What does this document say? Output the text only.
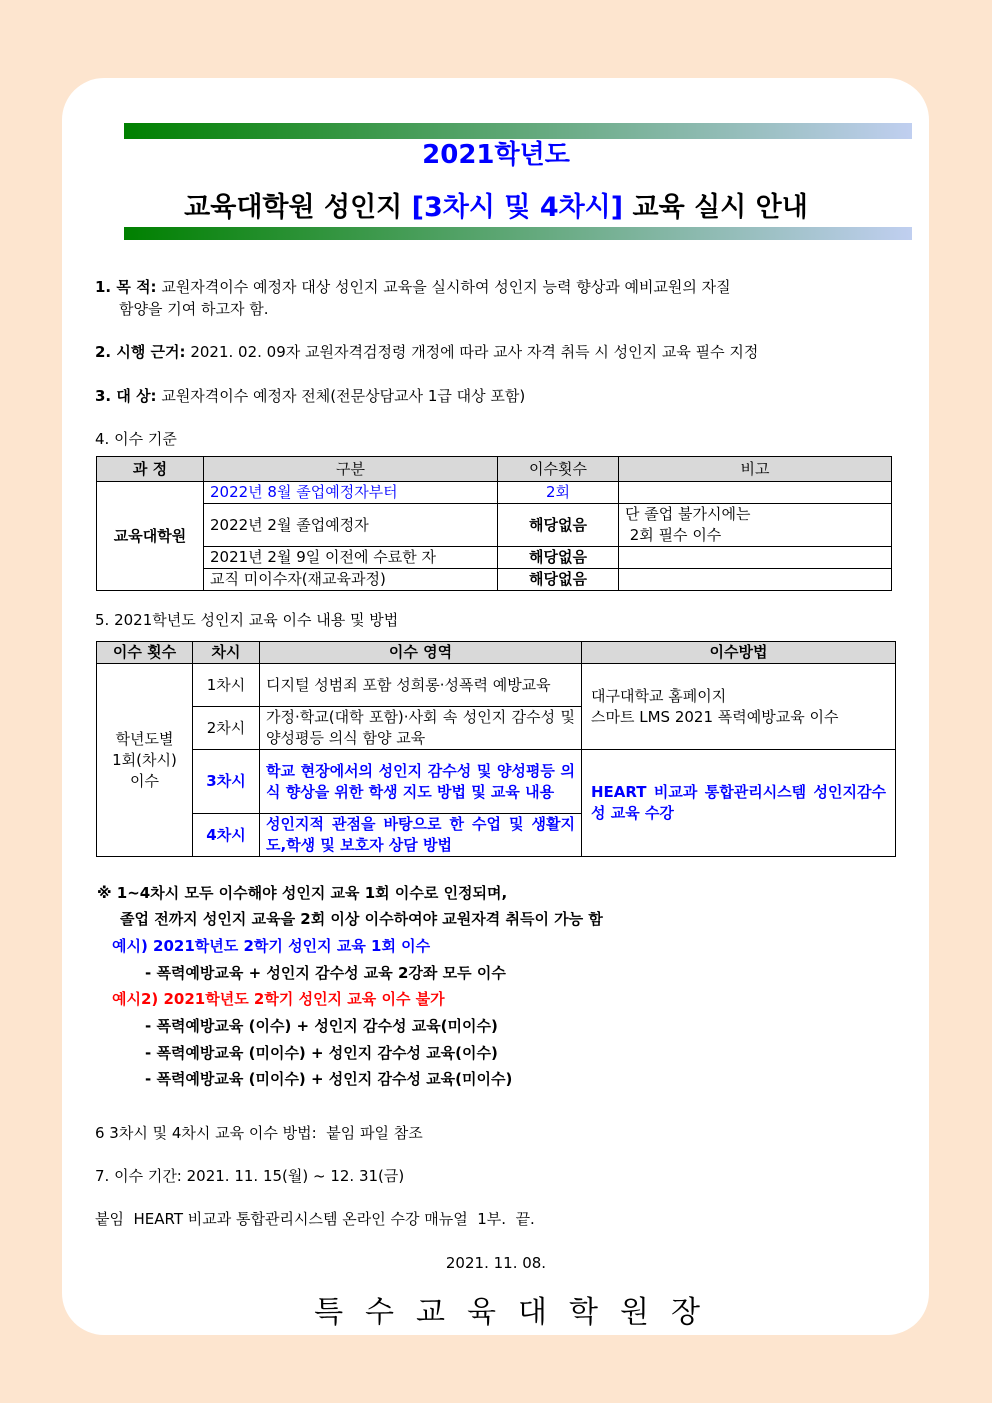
2021학년도
교육대학원 성인지 [3차시 및 4차시] 교육 실시 안내
1. 목 적: 교원자격이수 예정자 대상 성인지 교육을 실시하여 성인지 능력 향상과 예비교원의 자질
함양을 기여 하고자 함.
2. 시행 근거: 2021. 02. 09자 교원자격검정령 개정에 따라 교사 자격 취득 시 성인지 교육 필수 지정
3. 대 상: 교원자격이수 예정자 전체(전문상담교사 1급 대상 포함)
4. 이수 기준
과 정	구분	이수횟수	비고
교육대학원	2022년 8월 졸업예정자부터	2회	
	2022년 2월 졸업예정자	해당없음	단 졸업 불가시에는
2회 필수 이수

	2021년 2월 9일 이전에 수료한 자	해당없음	
	교직 미이수자(재교육과정)	해당없음	
5. 2021학년도 성인지 교육 이수 내용 및 방법
이수 횟수	차시	이수 영역	이수방법
학년도별 1회(차시) 이수	1차시	디지털 성범죄 포함 성희롱·성폭력 예방교육	대구대학교 홈페이지
스마트 LMS 2021 폭력예방교육 이수

	2차시	가정·학교(대학 포함)·사회 속 성인지 감수성 및 양성평등 의식 함양 교육	
	3차시	학교 현장에서의 성인지 감수성 및 양성평등 의식 향상을 위한 학생 지도 방법 및 교육 내용	HEART 비교과 통합관리시스템 성인지감수성 교육 수강
	4차시	성인지적 관점을 바탕으로 한 수업 및 생활지도,학생 및 보호자 상담 방법	
※ 1~4차시 모두 이수해야 성인지 교육 1회 이수로 인정되며,
졸업 전까지 성인지 교육을 2회 이상 이수하여야 교원자격 취득이 가능 함
예시) 2021학년도 2학기 성인지 교육 1회 이수
- 폭력예방교육 + 성인지 감수성 교육 2강좌 모두 이수
예시2) 2021학년도 2학기 성인지 교육 이수 불가
- 폭력예방교육 (이수) + 성인지 감수성 교육(미이수)
- 폭력예방교육 (미이수) + 성인지 감수성 교육(이수)
- 폭력예방교육 (미이수) + 성인지 감수성 교육(미이수)
6 3차시 및 4차시 교육 이수 방법:  붙임 파일 참조
7. 이수 기간: 2021. 11. 15(월) ~ 12. 31(금)
붙임  HEART 비교과 통합관리시스템 온라인 수강 매뉴얼  1부.  끝.
2021. 11. 08.
특수교육대학원장
